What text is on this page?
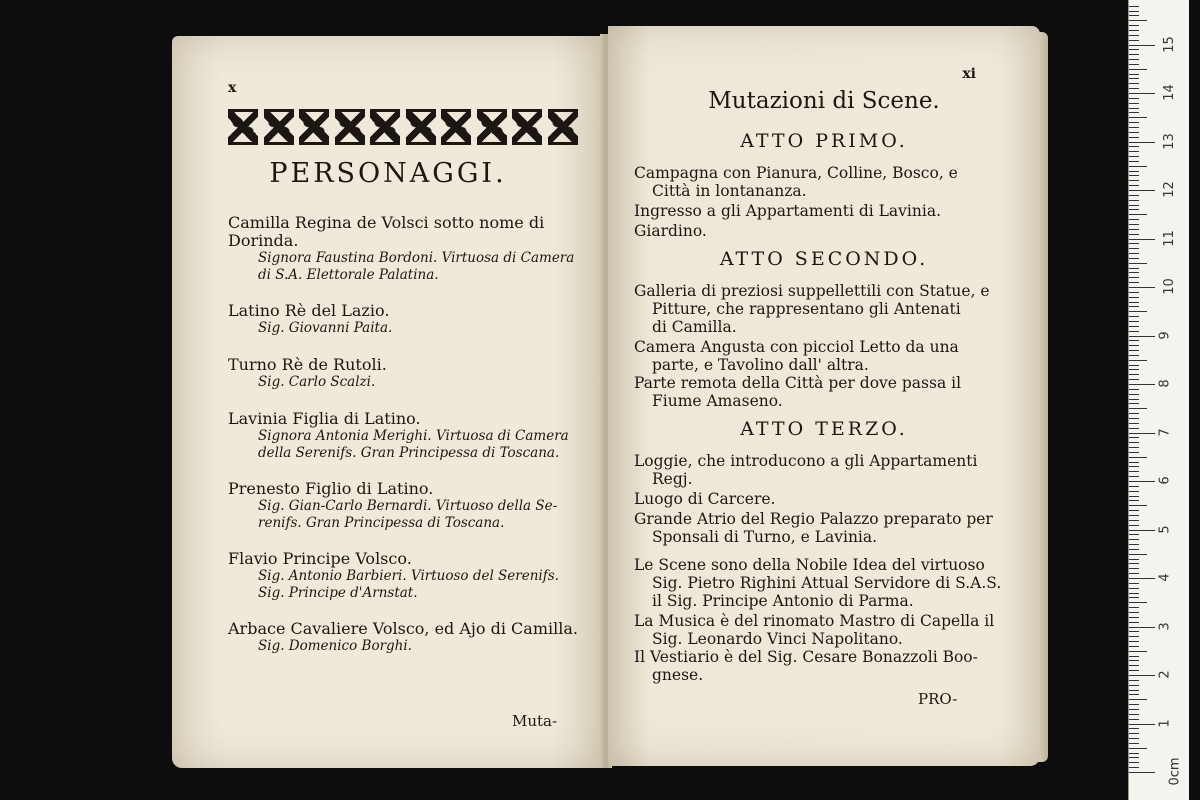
x
PERSONAGGI.
Camilla Regina de Volsci sotto nome di
Dorinda.
Signora Faustina Bordoni. Virtuosa di Camera
di S.A. Elettorale Palatina.
Latino Rè del Lazio.
Sig. Giovanni Paita.
Turno Rè de Rutoli.
Sig. Carlo Scalzi.
Lavinia Figlia di Latino.
Signora Antonia Merighi. Virtuosa di Camera
della Serenifs. Gran Principessa di Toscana.
Prenesto Figlio di Latino.
Sig. Gian-Carlo Bernardi. Virtuoso della Se-
renifs. Gran Principessa di Toscana.
Flavio Principe Volsco.
Sig. Antonio Barbieri. Virtuoso del Serenifs.
Sig. Principe d'Arnstat.
Arbace Cavaliere Volsco, ed Ajo di Camilla.
Sig. Domenico Borghi.
Muta-
xi
Mutazioni di Scene.
ATTO PRIMO.
Campagna con Pianura, Colline, Bosco, e
Città in lontananza.
Ingresso a gli Appartamenti di Lavinia.
Giardino.
ATTO SECONDO.
Galleria di preziosi suppellettili con Statue, e
Pitture, che rappresentano gli Antenati
di Camilla.
Camera Angusta con picciol Letto da una
parte, e Tavolino dall' altra.
Parte remota della Città per dove passa il
Fiume Amaseno.
ATTO TERZO.
Loggie, che introducono a gli Appartamenti
Regj.
Luogo di Carcere.
Grande Atrio del Regio Palazzo preparato per
Sponsali di Turno, e Lavinia.
Le Scene sono della Nobile Idea del virtuoso
Sig. Pietro Righini Attual Servidore di S.A.S.
il Sig. Principe Antonio di Parma.
La Musica è del rinomato Mastro di Capella il
Sig. Leonardo Vinci Napolitano.
Il Vestiario è del Sig. Cesare Bonazzoli Boo-
gnese.
PRO-
0cm
1
2
3
4
5
6
7
8
9
10
11
12
13
14
15
